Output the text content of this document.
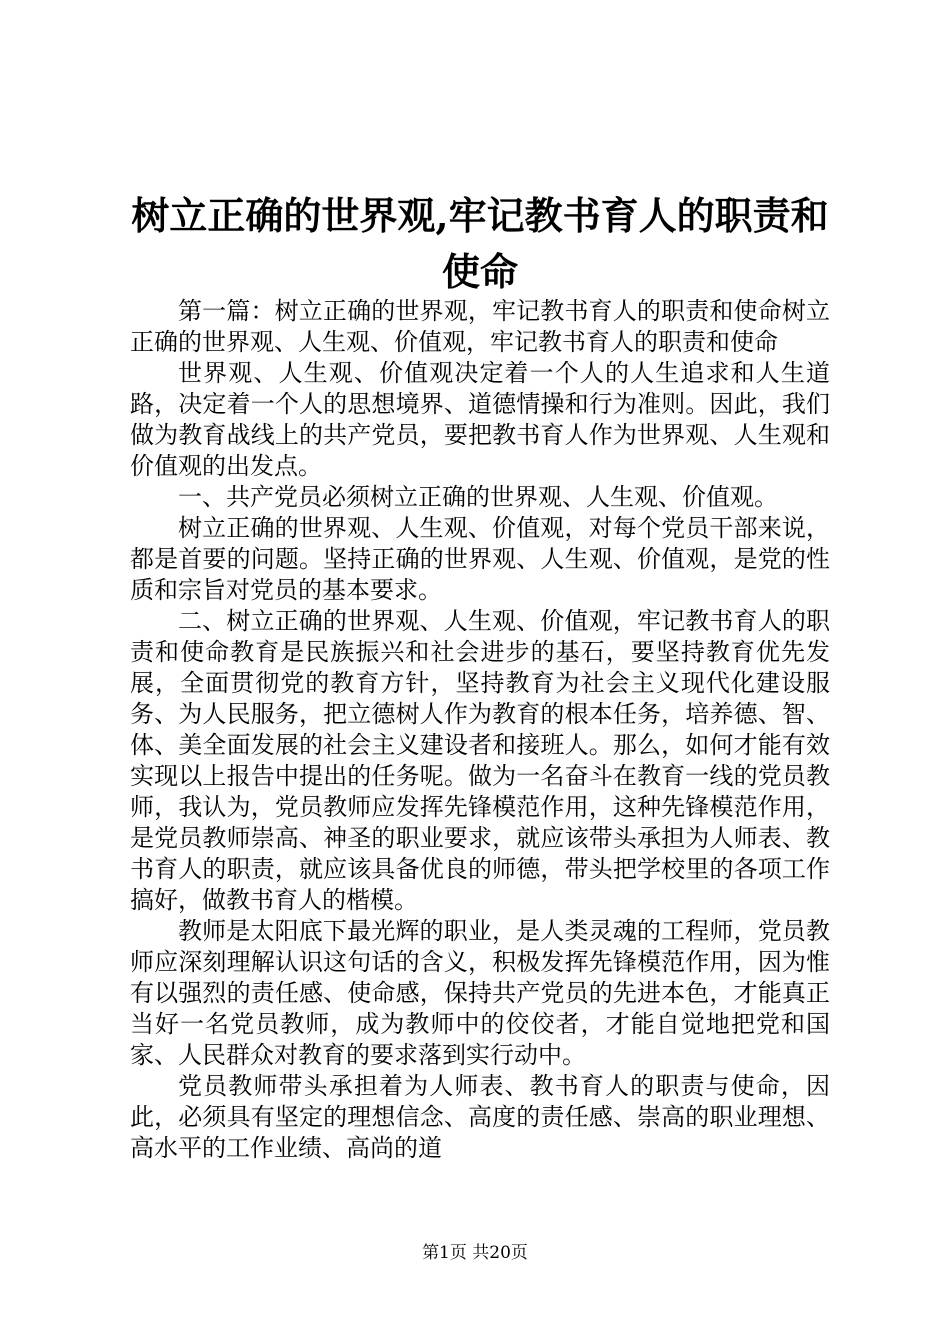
树立正确的世界观,牢记教书育人的职责和使命

第一篇：树立正确的世界观，牢记教书育人的职责和使命树立正确的世界观、人生观、价值观，牢记教书育人的职责和使命

世界观、人生观、价值观决定着一个人的人生追求和人生道路，决定着一个人的思想境界、道德情操和行为准则。因此，我们做为教育战线上的共产党员，要把教书育人作为世界观、人生观和价值观的出发点。

一、共产党员必须树立正确的世界观、人生观、价值观。

树立正确的世界观、人生观、价值观，对每个党员干部来说，都是首要的问题。坚持正确的世界观、人生观、价值观，是党的性质和宗旨对党员的基本要求。

二、树立正确的世界观、人生观、价值观，牢记教书育人的职责和使命教育是民族振兴和社会进步的基石，要坚持教育优先发展，全面贯彻党的教育方针，坚持教育为社会主义现代化建设服务、为人民服务，把立德树人作为教育的根本任务，培养德、智、体、美全面发展的社会主义建设者和接班人。那么，如何才能有效实现以上报告中提出的任务呢。做为一名奋斗在教育一线的党员教师，我认为，党员教师应发挥先锋模范作用，这种先锋模范作用，是党员教师崇高、神圣的职业要求，就应该带头承担为人师表、教书育人的职责，就应该具备优良的师德，带头把学校里的各项工作搞好，做教书育人的楷模。

教师是太阳底下最光辉的职业，是人类灵魂的工程师，党员教师应深刻理解认识这句话的含义，积极发挥先锋模范作用，因为惟有以强烈的责任感、使命感，保持共产党员的先进本色，才能真正当好一名党员教师，成为教师中的佼佼者，才能自觉地把党和国家、人民群众对教育的要求落到实行动中。

党员教师带头承担着为人师表、教书育人的职责与使命，因此，必须具有坚定的理想信念、高度的责任感、崇高的职业理想、高水平的工作业绩、高尚的道

第1页 共20页
